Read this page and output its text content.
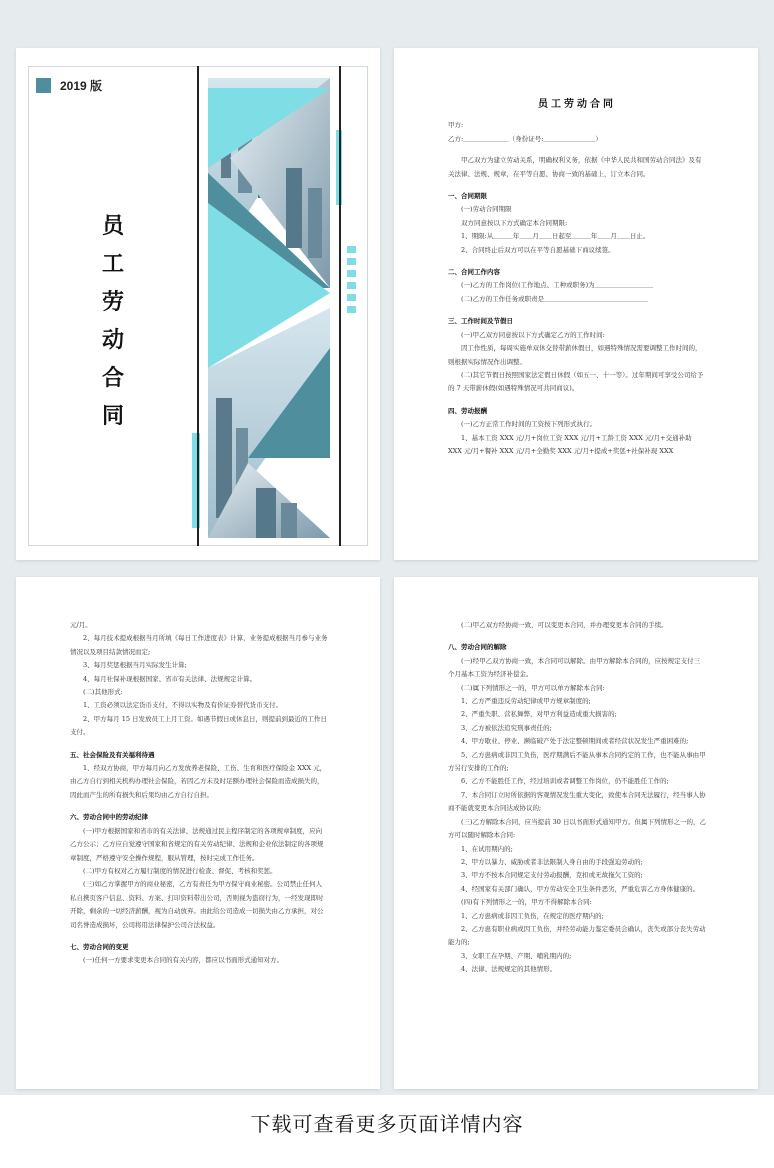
2019 版
员
工
劳
动
合
同
员工劳动合同
甲方:
乙方:＿＿＿＿＿＿＿（身份证号:＿＿＿＿＿＿＿＿）
甲乙双方为建立劳动关系，明确权利义务，依据《中华人民共和国劳动合同法》及有关法律、法规、规章，在平等自愿、协商一致的基础上，订立本合同。
一、合同期限
(一)劳动合同期限
双方同意按以下方式确定本合同期限:
1、期限:从＿＿＿年＿＿月＿＿日起至＿＿＿年＿＿月＿＿日止。
2、合同终止后双方可以在平等自愿基础下商议续签。
二、合同工作内容
(一)乙方的工作岗位(工作地点、工种或职务)为＿＿＿＿＿＿＿＿＿
(二)乙方的工作任务或职责是＿＿＿＿＿＿＿＿＿＿＿＿＿＿＿＿
三、工作时间及节假日
(一)甲乙双方同意按以下方式确定乙方的工作时间:
因工作性质，每周实施单双休交替带薪休假日，如遇特殊情况需要调整工作时间的，则根据实际情况作出调整。
(二)其它节假日按照国家法定假日休假（如五一、十一等）。过年期间可享受公司给予的 7 天带薪休假(如遇特殊情况可共同商议)。
四、劳动报酬
(一)乙方正常工作时间的工资按下列形式执行。
1、基本工资 XXX 元/月+岗位工资 XXX 元/月+工龄工资 XXX 元/月+交通补助 XXX 元/月+餐补 XXX 元/月+全勤奖 XXX 元/月+提成+奖惩+社保补现 XXX
元/月。
2、每月技术提成根据当月所填《每日工作进度表》计算，业务提成根据当月参与业务情况以及项目结款情况而定;
3、每月奖惩根据当月实际发生计算;
4、每月社保补现根据国家、省市有关法律、法规规定计算。
(二)其他形式:
1、工资必须以法定货币支付，不得以实物及有价证券替代货币支付。
2、甲方每月 15 日发放员工上月工资。如遇节假日或休息日，则提前到最近的工作日支付。
五、社会保险及有关福利待遇
1、经双方协商，甲方每月向乙方发放养老保险、工伤、生育和医疗保险金 XXX 元，由乙方自行到相关机构办理社会保险，若因乙方未及时足额办理社会保险而造成损失的，因此而产生的所有损失和后果均由乙方自行自担。
六、劳动合同中的劳动纪律
(一)甲方根据国家和省市的有关法律、法规通过民主程序制定的各项规章制度，应向乙方公示；乙方应自觉遵守国家和省规定的有关劳动纪律、法规和企业依法制定的各项规章制度，严格遵守安全操作规程，服从管理，按时完成工作任务。
(二)甲方有权对乙方履行制度的情况进行检查、督促、考核和奖惩。
(三)如乙方掌握甲方的商业秘密，乙方有责任为甲方保守商业秘密。公司禁止任何人私自携页客户信息、资料、方案、打印资料带出公司，否则视为盗窃行为，一经发现即时开除，剩余的一切经济薪酬，视为自动放弃。由此给公司造成一切损失由乙方承担，对公司名誉造成损坏，公司将用法律保护公司合法权益。
七、劳动合同的变更
(一)任何一方要求变更本合同的有关内容，都应以书面形式通知对方。
(二)甲乙双方经协商一致，可以变更本合同，并办理变更本合同的手续。
八、劳动合同的解除
(一)经甲乙双方协商一致，本合同可以解除。由甲方解除本合同的，应按规定支付三个月基本工资为经济补偿金。
(二)属下列情形之一的，甲方可以单方解除本合同:
1、乙方严重违反劳动纪律或甲方规章制度的;
2、严重失职、营私舞弊，对甲方利益造成重大损害的;
3、乙方被依法追究刑事责任的;
4、甲方歇业、停业、濒临破产处于法定整顿期间或者经营状况发生严重困难的;
5、乙方患病或非因工负伤，医疗期满后不能从事本合同约定的工作，也不能从事由甲方另行安排的工作的;
6、乙方不能胜任工作，经过培训或者调整工作岗位，仍不能胜任工作的;
7、本合同订立时所依据的客观情况发生重大变化，致使本合同无法履行，经当事人协商不能就变更本合同达成协议的;
(三)乙方解除本合同，应当提前 30 日以书面形式通知甲方。但属下列情形之一的，乙方可以随时解除本合同:
1、在试用期内的;
2、甲方以暴力、威胁或者非法限制人身自由的手段强迫劳动的;
3、甲方不按本合同规定支付劳动报酬，克扣或无故拖欠工资的;
4、经国家有关部门确认，甲方劳动安全卫生条件恶劣，严重危害乙方身体健康的。
(四)有下列情形之一的，甲方不得解除本合同:
1、乙方患病或非因工负伤，在规定的医疗期内的;
2、乙方患有职业病或因工负伤，并经劳动能力鉴定委员会确认，丧失或部分丧失劳动能力的;
3、女职工在孕期、产期、哺乳期内的;
4、法律、法规规定的其他情形。
下载可查看更多页面详情内容
